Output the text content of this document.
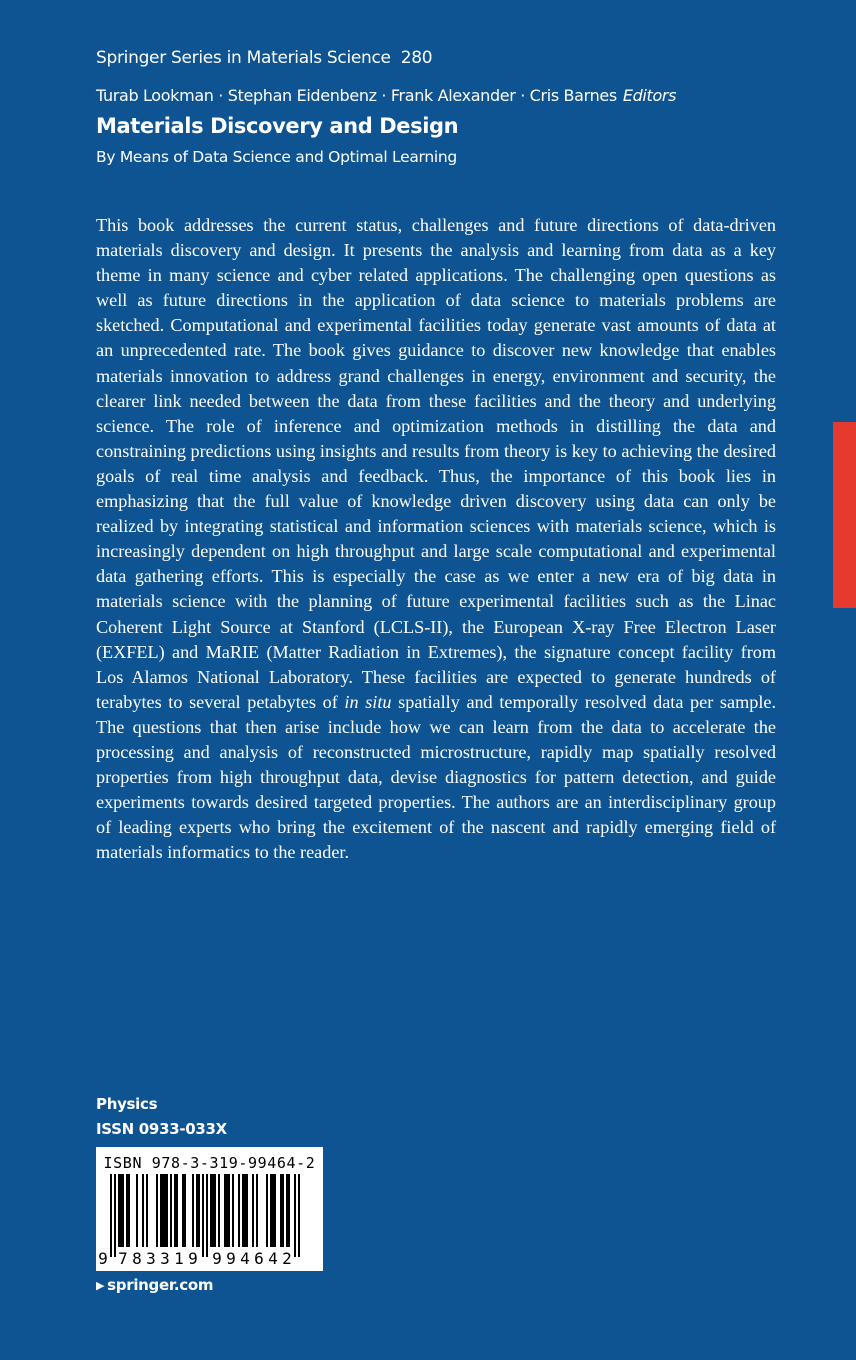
Springer Series in Materials Science 280
Turab Lookman · Stephan Eidenbenz · Frank Alexander · Cris Barnes Editors
Materials Discovery and Design
By Means of Data Science and Optimal Learning

This book addresses the current status, challenges and future directions of data-driven materials discovery and design. It presents the analysis and learning from data as a key theme in many science and cyber related applications. The challenging open questions as well as future directions in the application of data science to materials problems are sketched. Computational and experimental facilities today generate vast amounts of data at an unprecedented rate. The book gives guidance to discover new knowledge that enables materials innovation to address grand challenges in energy, environment and security, the clearer link needed between the data from these facilities and the theory and underlying science. The role of inference and optimization methods in distilling the data and constraining predictions using insights and results from theory is key to achieving the desired goals of real time analysis and feedback. Thus, the importance of this book lies in emphasizing that the full value of knowledge driven discovery using data can only be realized by integrating statistical and information sciences with materials science, which is increasingly dependent on high throughput and large scale computational and experimental data gathering efforts. This is especially the case as we enter a new era of big data in materials science with the planning of future experimental facilities such as the Linac Coherent Light Source at Stanford (LCLS-II), the European X-ray Free Electron Laser (EXFEL) and MaRIE (Matter Radiation in Extremes), the signature concept facility from Los Alamos National Laboratory. These facilities are expected to generate hundreds of terabytes to several petabytes of in situ spatially and temporally resolved data per sample. The questions that then arise include how we can learn from the data to accelerate the processing and analysis of reconstructed microstructure, rapidly map spatially resolved properties from high throughput data, devise diagnostics for pattern detection, and guide experiments towards desired targeted properties. The authors are an interdisciplinary group of leading experts who bring the excitement of the nascent and rapidly emerging field of materials informatics to the reader.

Physics
ISSN 0933-033X
9 7 8 3 3 1 9 9 9 4 6 4 2
ISBN 978-3-319-99464-2
▶ springer.com
